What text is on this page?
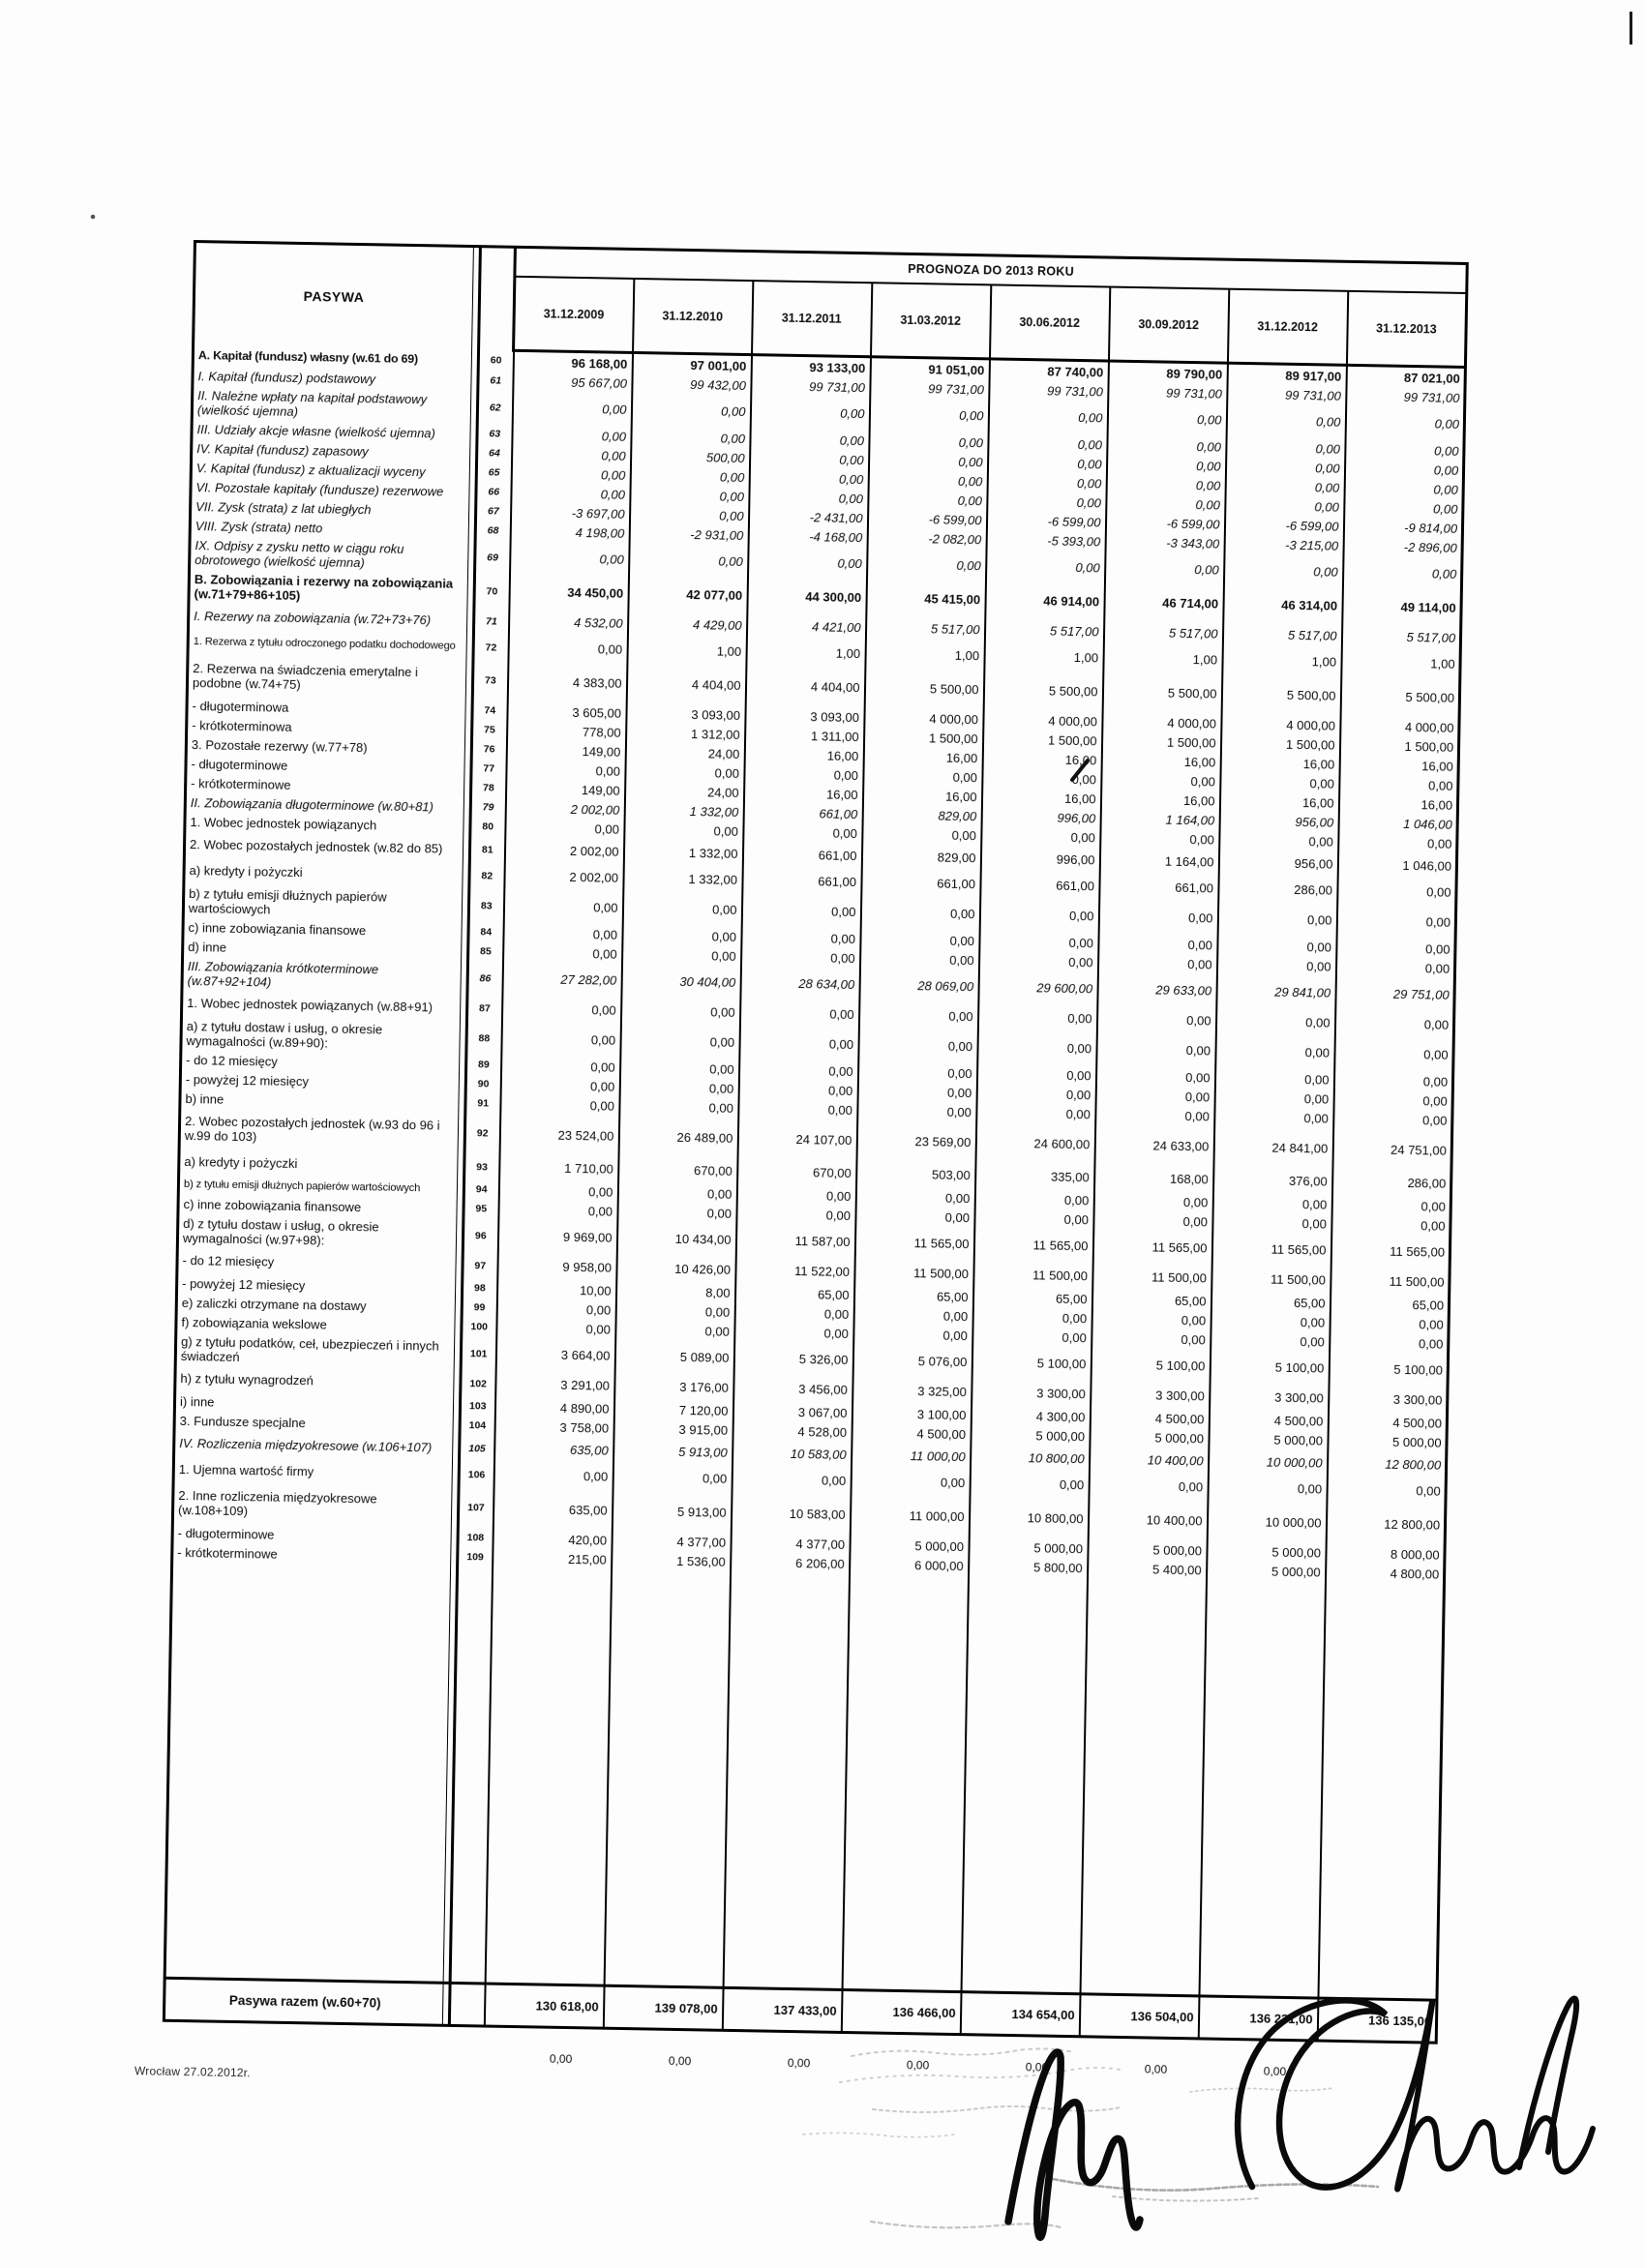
PASYWA			PROGNOZA DO 2013 ROKU							
			31.12.2009	31.12.2010	31.12.2011	31.03.2012	30.06.2012	30.09.2012	31.12.2012	31.12.2013
A. Kapitał (fundusz) własny (w.61 do 69)		60	96 168,00	97 001,00	93 133,00	91 051,00	87 740,00	89 790,00	89 917,00	87 021,00
I. Kapitał (fundusz) podstawowy		61	95 667,00	99 432,00	99 731,00	99 731,00	99 731,00	99 731,00	99 731,00	99 731,00
II. Należne wpłaty na kapitał podstawowy (wielkość ujemna)		62	0,00	0,00	0,00	0,00	0,00	0,00	0,00	0,00
III. Udziały akcje własne (wielkość ujemna)		63	0,00	0,00	0,00	0,00	0,00	0,00	0,00	0,00
IV. Kapitał (fundusz) zapasowy		64	0,00	500,00	0,00	0,00	0,00	0,00	0,00	0,00
V. Kapitał (fundusz) z aktualizacji wyceny		65	0,00	0,00	0,00	0,00	0,00	0,00	0,00	0,00
VI. Pozostałe kapitały (fundusze) rezerwowe		66	0,00	0,00	0,00	0,00	0,00	0,00	0,00	0,00
VII. Zysk (strata) z lat ubiegłych		67	-3 697,00	0,00	-2 431,00	-6 599,00	-6 599,00	-6 599,00	-6 599,00	-9 814,00
VIII. Zysk (strata) netto		68	4 198,00	-2 931,00	-4 168,00	-2 082,00	-5 393,00	-3 343,00	-3 215,00	-2 896,00
IX. Odpisy z zysku netto w ciągu roku obrotowego (wielkość ujemna)		69	0,00	0,00	0,00	0,00	0,00	0,00	0,00	0,00
B. Zobowiązania i rezerwy na zobowiązania (w.71+79+86+105)		70	34 450,00	42 077,00	44 300,00	45 415,00	46 914,00	46 714,00	46 314,00	49 114,00
I. Rezerwy na zobowiązania (w.72+73+76)		71	4 532,00	4 429,00	4 421,00	5 517,00	5 517,00	5 517,00	5 517,00	5 517,00
1. Rezerwa z tytułu odroczonego podatku dochodowego		72	0,00	1,00	1,00	1,00	1,00	1,00	1,00	1,00
2. Rezerwa na świadczenia emerytalne i podobne (w.74+75)		73	4 383,00	4 404,00	4 404,00	5 500,00	5 500,00	5 500,00	5 500,00	5 500,00
- długoterminowa		74	3 605,00	3 093,00	3 093,00	4 000,00	4 000,00	4 000,00	4 000,00	4 000,00
- krótkoterminowa		75	778,00	1 312,00	1 311,00	1 500,00	1 500,00	1 500,00	1 500,00	1 500,00
3. Pozostałe rezerwy (w.77+78)		76	149,00	24,00	16,00	16,00	16,00	16,00	16,00	16,00
- długoterminowe		77	0,00	0,00	0,00	0,00	0,00	0,00	0,00	0,00
- krótkoterminowe		78	149,00	24,00	16,00	16,00	16,00	16,00	16,00	16,00
II. Zobowiązania długoterminowe (w.80+81)		79	2 002,00	1 332,00	661,00	829,00	996,00	1 164,00	956,00	1 046,00
1. Wobec jednostek powiązanych		80	0,00	0,00	0,00	0,00	0,00	0,00	0,00	0,00
2. Wobec pozostałych jednostek (w.82 do 85)		81	2 002,00	1 332,00	661,00	829,00	996,00	1 164,00	956,00	1 046,00
a) kredyty i pożyczki		82	2 002,00	1 332,00	661,00	661,00	661,00	661,00	286,00	0,00
b) z tytułu emisji dłużnych papierów wartościowych		83	0,00	0,00	0,00	0,00	0,00	0,00	0,00	0,00
c) inne zobowiązania finansowe		84	0,00	0,00	0,00	0,00	0,00	0,00	0,00	0,00
d) inne		85	0,00	0,00	0,00	0,00	0,00	0,00	0,00	0,00
III. Zobowiązania krótkoterminowe (w.87+92+104)		86	27 282,00	30 404,00	28 634,00	28 069,00	29 600,00	29 633,00	29 841,00	29 751,00
1. Wobec jednostek powiązanych (w.88+91)		87	0,00	0,00	0,00	0,00	0,00	0,00	0,00	0,00
a) z tytułu dostaw i usług, o okresie wymagalności (w.89+90):		88	0,00	0,00	0,00	0,00	0,00	0,00	0,00	0,00
- do 12 miesięcy		89	0,00	0,00	0,00	0,00	0,00	0,00	0,00	0,00
- powyżej 12 miesięcy		90	0,00	0,00	0,00	0,00	0,00	0,00	0,00	0,00
b) inne		91	0,00	0,00	0,00	0,00	0,00	0,00	0,00	0,00
2. Wobec pozostałych jednostek (w.93 do 96 i w.99 do 103)		92	23 524,00	26 489,00	24 107,00	23 569,00	24 600,00	24 633,00	24 841,00	24 751,00
a) kredyty i pożyczki		93	1 710,00	670,00	670,00	503,00	335,00	168,00	376,00	286,00
b) z tytułu emisji dłużnych papierów wartościowych		94	0,00	0,00	0,00	0,00	0,00	0,00	0,00	0,00
c) inne zobowiązania finansowe		95	0,00	0,00	0,00	0,00	0,00	0,00	0,00	0,00
d) z tytułu dostaw i usług, o okresie wymagalności (w.97+98):		96	9 969,00	10 434,00	11 587,00	11 565,00	11 565,00	11 565,00	11 565,00	11 565,00
- do 12 miesięcy		97	9 958,00	10 426,00	11 522,00	11 500,00	11 500,00	11 500,00	11 500,00	11 500,00
- powyżej 12 miesięcy		98	10,00	8,00	65,00	65,00	65,00	65,00	65,00	65,00
e) zaliczki otrzymane na dostawy		99	0,00	0,00	0,00	0,00	0,00	0,00	0,00	0,00
f) zobowiązania wekslowe		100	0,00	0,00	0,00	0,00	0,00	0,00	0,00	0,00
g) z tytułu podatków, ceł, ubezpieczeń i innych świadczeń		101	3 664,00	5 089,00	5 326,00	5 076,00	5 100,00	5 100,00	5 100,00	5 100,00
h) z tytułu wynagrodzeń		102	3 291,00	3 176,00	3 456,00	3 325,00	3 300,00	3 300,00	3 300,00	3 300,00
i) inne		103	4 890,00	7 120,00	3 067,00	3 100,00	4 300,00	4 500,00	4 500,00	4 500,00
3. Fundusze specjalne		104	3 758,00	3 915,00	4 528,00	4 500,00	5 000,00	5 000,00	5 000,00	5 000,00
IV. Rozliczenia międzyokresowe (w.106+107)		105	635,00	5 913,00	10 583,00	11 000,00	10 800,00	10 400,00	10 000,00	12 800,00
1. Ujemna wartość firmy		106	0,00	0,00	0,00	0,00	0,00	0,00	0,00	0,00
2. Inne rozliczenia międzyokresowe (w.108+109)		107	635,00	5 913,00	10 583,00	11 000,00	10 800,00	10 400,00	10 000,00	12 800,00
- długoterminowe		108	420,00	4 377,00	4 377,00	5 000,00	5 000,00	5 000,00	5 000,00	8 000,00
- krótkoterminowe		109	215,00	1 536,00	6 206,00	6 000,00	5 800,00	5 400,00	5 000,00	4 800,00

Pasywa razem (w.60+70)			130 618,00	139 078,00	137 433,00	136 466,00	134 654,00	136 504,00	136 231,00	136 135,00
0,00	0,00	0,00	0,00	0,00	0,00	0,00
Wrocław 27.02.2012r.
